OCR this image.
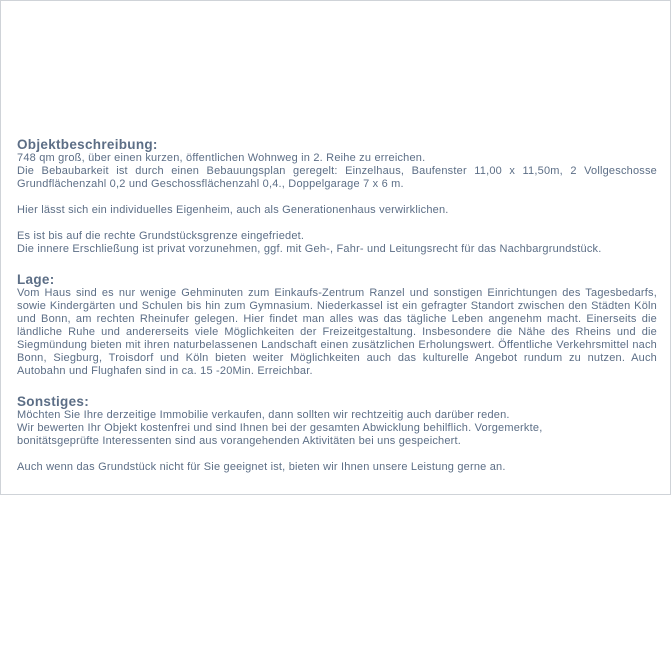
Objektbeschreibung:

748 qm groß, über einen kurzen, öffentlichen Wohnweg in 2. Reihe zu erreichen.

Die Bebaubarkeit ist durch einen Bebauungsplan geregelt: Einzelhaus, Baufenster 11,00 x 11,50m, 2 Vollgeschosse Grundflächenzahl 0,2 und Geschossflächenzahl 0,4., Doppelgarage 7 x 6 m.

Hier lässt sich ein individuelles Eigenheim, auch als Generationenhaus verwirklichen.

Es ist bis auf die rechte Grundstücksgrenze eingefriedet.

Die innere Erschließung ist privat vorzunehmen, ggf. mit Geh-, Fahr- und Leitungsrecht für das Nachbargrundstück.

Lage:

Vom Haus sind es nur wenige Gehminuten zum Einkaufs-Zentrum Ranzel und sonstigen Einrichtungen des Tagesbedarfs, sowie Kindergärten und Schulen bis hin zum Gymnasium. Niederkassel ist ein gefragter Standort zwischen den Städten Köln und Bonn, am rechten Rheinufer gelegen. Hier findet man alles was das tägliche Leben angenehm macht. Einerseits die ländliche Ruhe und andererseits viele Möglichkeiten der Freizeitgestaltung. Insbesondere die Nähe des Rheins und die Siegmündung bieten mit ihren naturbelassenen Landschaft einen zusätzlichen Erholungswert. Öffentliche Verkehrsmittel nach Bonn, Siegburg, Troisdorf und Köln bieten weiter Möglichkeiten auch das kulturelle Angebot rundum zu nutzen. Auch Autobahn und Flughafen sind in ca. 15 -20Min. Erreichbar.

Sonstiges:

Möchten Sie Ihre derzeitige Immobilie verkaufen, dann sollten wir rechtzeitig auch darüber reden.

Wir bewerten Ihr Objekt kostenfrei und sind Ihnen bei der gesamten Abwicklung behilflich. Vorgemerkte,

bonitätsgeprüfte Interessenten sind aus vorangehenden Aktivitäten bei uns gespeichert.

Auch wenn das Grundstück nicht für Sie geeignet ist, bieten wir Ihnen unsere Leistung gerne an.
